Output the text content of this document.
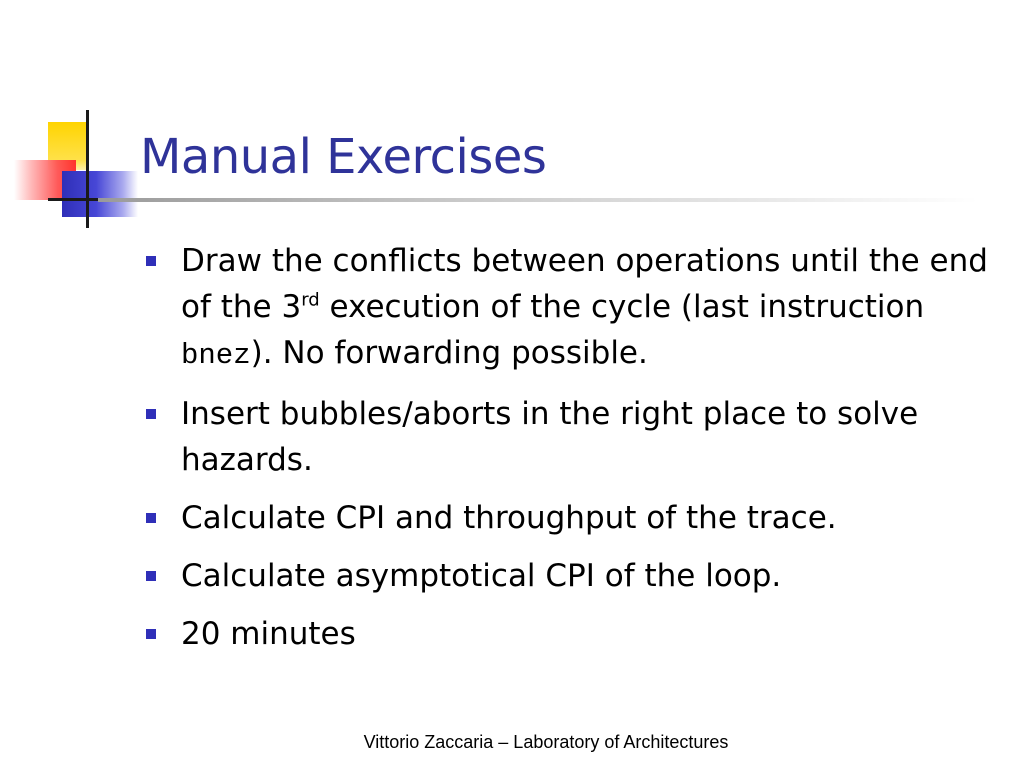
Manual Exercises
Draw the conflicts between operations until the end of the 3rd execution of the cycle (last instruction bnez). No forwarding possible.
Insert bubbles/aborts in the right place to solve hazards.
Calculate CPI and throughput of the trace.
Calculate asymptotical CPI of the loop.
20 minutes
Vittorio Zaccaria – Laboratory of Architectures
